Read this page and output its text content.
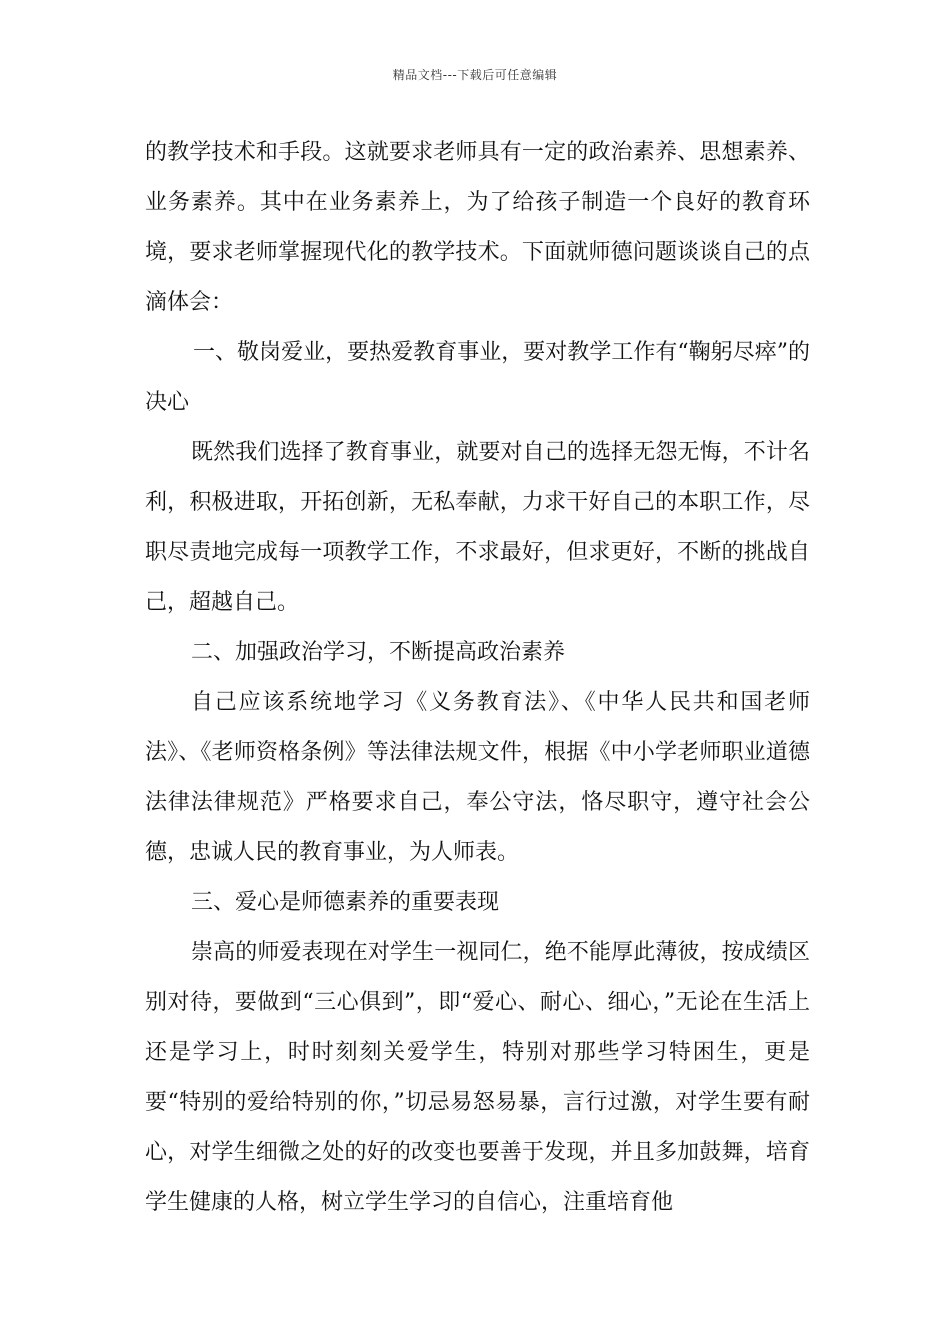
精品文档---下载后可任意编辑

的教学技术和手段。这就要求老师具有一定的政治素养、思想素养、业务素养。其中在业务素养上，为了给孩子制造一个良好的教育环境，要求老师掌握现代化的教学技术。下面就师德问题谈谈自己的点滴体会：

一、敬岗爱业，要热爱教育事业，要对教学工作有“鞠躬尽瘁”的决心

既然我们选择了教育事业，就要对自己的选择无怨无悔，不计名利，积极进取，开拓创新，无私奉献，力求干好自己的本职工作，尽职尽责地完成每一项教学工作，不求最好，但求更好，不断的挑战自己，超越自己。

二、加强政治学习，不断提高政治素养

自己应该系统地学习《义务教育法》、《中华人民共和国老师法》、《老师资格条例》等法律法规文件，根据《中小学老师职业道德法律法律规范》严格要求自己，奉公守法，恪尽职守，遵守社会公德，忠诚人民的教育事业，为人师表。

三、爱心是师德素养的重要表现

崇高的师爱表现在对学生一视同仁，绝不能厚此薄彼，按成绩区别对待，要做到“三心俱到”，即“爱心、耐心、细心，”无论在生活上还是学习上，时时刻刻关爱学生，特别对那些学习特困生，更是要“特别的爱给特别的你，”切忌易怒易暴，言行过激，对学生要有耐心，对学生细微之处的好的改变也要善于发现，并且多加鼓舞，培育学生健康的人格，树立学生学习的自信心，注重培育他
